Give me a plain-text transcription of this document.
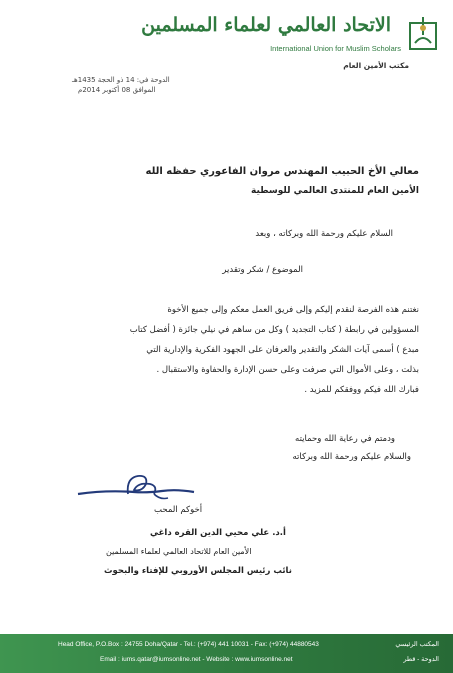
الاتحاد العالمي لعلماء المسلمين
International Union for Muslim Scholars
مكتب الأمين العام
الدوحة في: 14 ذو الحجة 1435هـ
الموافق 08 أكتوبر 2014م
معالي الأخ الحبيب المهندس مروان الفاعوري حفظه الله
الأمين العام للمنتدى العالمي للوسطية
السلام عليكم ورحمة الله وبركاته ، وبعد
الموضوع / شكر وتقدير
نغتنم هذه الفرصة لنقدم إليكم وإلى فريق العمل معكم وإلى جميع الأخوة
المسؤولين في رابطة ( كتاب التجديد ) وكل من ساهم في نيلي جائزة ( أفضل كتاب
مبدع ) أسمى آيات الشكر والتقدير والعرفان على الجهود الفكرية والإدارية التي
بذلت ، وعلى الأموال التي صرفت وعلى حسن الإدارة والحفاوة والاستقبال .
فبارك الله فيكم ووفقكم للمزيد .
ودمتم في رعاية الله وحمايته
والسلام عليكم ورحمة الله وبركاته
أخوكم المحب
أ.د. علي محيي الدين القره داغي
الأمين العام للاتحاد العالمي لعلماء المسلمين
نائب رئيس المجلس الأوروبي للإفتاء والبحوث
Head Office, P.O.Box : 24755 Doha/Qatar - Tel.: (+974) 441 10031 - Fax: (+974) 44880543
Email : iums.qatar@iumsonline.net - Website : www.iumsonline.net
المكتب الرئيسي
الدوحة - قطر
